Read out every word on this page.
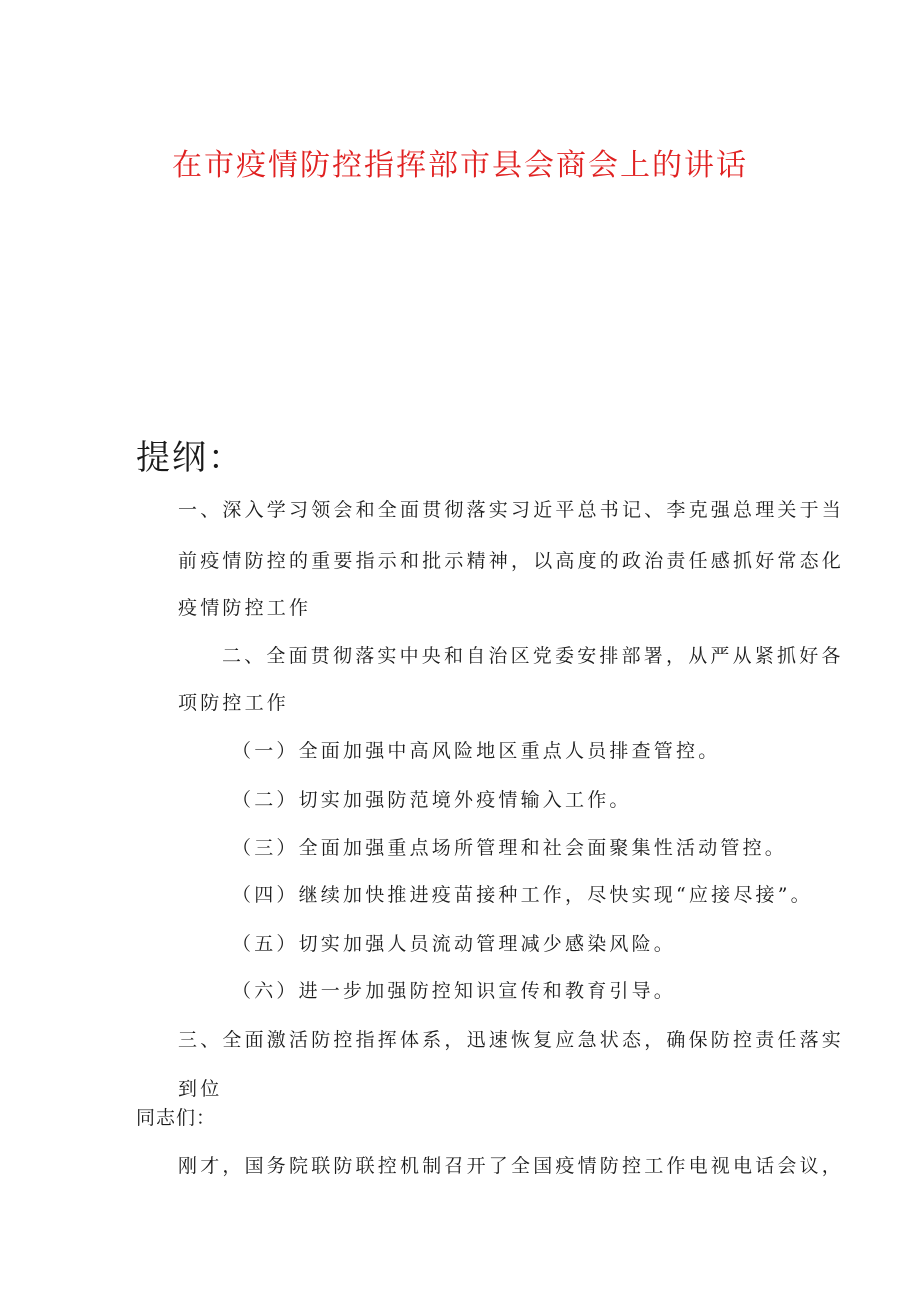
在市疫情防控指挥部市县会商会上的讲话
提纲：
一、深入学习领会和全面贯彻落实习近平总书记、李克强总理关于当
前疫情防控的重要指示和批示精神，以高度的政治责任感抓好常态化
疫情防控工作
二、全面贯彻落实中央和自治区党委安排部署，从严从紧抓好各
项防控工作
（一）全面加强中高风险地区重点人员排查管控。
（二）切实加强防范境外疫情输入工作。
（三）全面加强重点场所管理和社会面聚集性活动管控。
（四）继续加快推进疫苗接种工作，尽快实现“应接尽接”。
（五）切实加强人员流动管理减少感染风险。
（六）进一步加强防控知识宣传和教育引导。
三、全面激活防控指挥体系，迅速恢复应急状态，确保防控责任落实
到位
同志们：
刚才，国务院联防联控机制召开了全国疫情防控工作电视电话会议，
